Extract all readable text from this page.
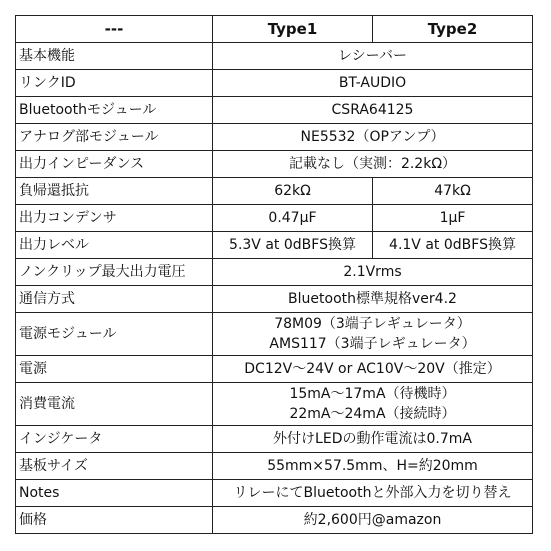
---	Type1	Type2
基本機能	レシーバー	
リンクID	BT-AUDIO	
Bluetoothモジュール	CSRA64125	
アナログ部モジュール	NE5532（OPアンプ）	
出力インピーダンス	記載なし（実測：2.2kΩ）	
負帰還抵抗	62kΩ	47kΩ
出力コンデンサ	0.47μF	1μF
出力レベル	5.3V at 0dBFS換算	4.1V at 0dBFS換算
ノンクリップ最大出力電圧	2.1Vrms	
通信方式	Bluetooth標準規格ver4.2	
電源モジュール	78M09（3端子レギュレータ）
AMS117（3端子レギュレータ）	

電源	DC12V～24V or AC10V～20V（推定）	
消費電流	15mA～17mA（待機時）
22mA～24mA（接続時）	

インジケータ	外付けLEDの動作電流は0.7mA	
基板サイズ	55mm×57.5mm、H=約20mm	
Notes	リレーにてBluetoothと外部入力を切り替え	
価格	約2,600円@amazon	
